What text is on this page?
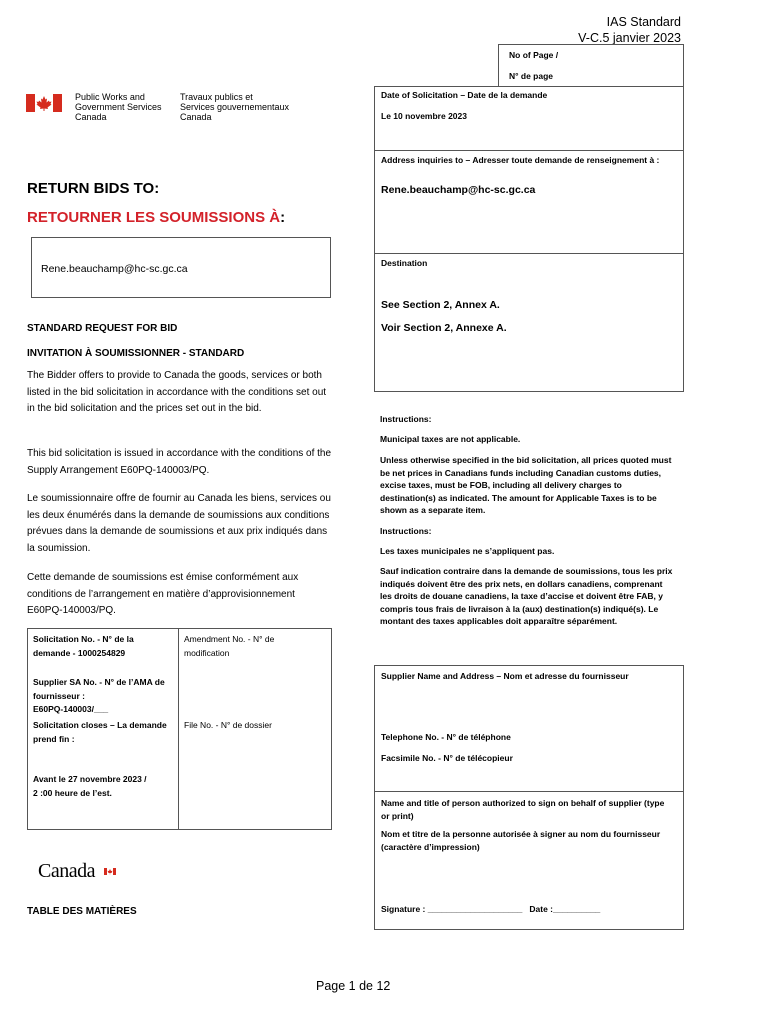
IAS Standard
V-C.5 janvier 2023
No of Page /
N° de page
Public Works and
Government Services
Canada
Travaux publics et
Services gouvernementaux
Canada
Date of Solicitation – Date de la demande
Le 10 novembre 2023
Address inquiries to – Adresser toute demande de renseignement à :
Rene.beauchamp@hc-sc.gc.ca
Destination
See Section 2, Annex A.
Voir Section 2, Annexe A.
Instructions:
Municipal taxes are not applicable.
Unless otherwise specified in the bid solicitation, all prices quoted must be net prices in Canadians funds including Canadian customs duties, excise taxes, must be FOB, including all delivery charges to destination(s) as indicated. The amount for Applicable Taxes is to be shown as a separate item.
Instructions:
Les taxes municipales ne s’appliquent pas.
Sauf indication contraire dans la demande de soumissions, tous les prix indiqués doivent être des prix nets, en dollars canadiens, comprenant les droits de douane canadiens, la taxe d’accise et doivent être FAB, y compris tous frais de livraison à la (aux) destination(s) indiqué(s). Le montant des taxes applicables doit apparaître séparément.
Supplier Name and Address – Nom et adresse du fournisseur
Telephone No. - N° de téléphone
Facsimile No. - N° de télécopieur
Name and title of person authorized to sign on behalf of supplier (type or print)
Nom et titre de la personne autorisée à signer au nom du fournisseur (caractère d’impression)
Signature : ____________________   Date :__________
RETURN BIDS TO:
RETOURNER LES SOUMISSIONS À:
Rene.beauchamp@hc-sc.gc.ca
STANDARD REQUEST FOR BID
INVITATION À SOUMISSIONNER - STANDARD
The Bidder offers to provide to Canada the goods, services or both listed in the bid solicitation in accordance with the conditions set out in the bid solicitation and the prices set out in the bid.
This bid solicitation is issued in accordance with the conditions of the Supply Arrangement E60PQ-140003/PQ.
Le soumissionnaire offre de fournir au Canada les biens, services ou les deux énumérés dans la demande de soumissions aux conditions prévues dans la demande de soumissions et aux prix indiqués dans la soumission.
Cette demande de soumissions est émise conformément aux conditions de l’arrangement en matière d’approvisionnement E60PQ-140003/PQ.
Solicitation No. - N° de la demande - 1000254829
Amendment No. - N° de modification
Supplier SA No. - N° de l’AMA de fournisseur :
E60PQ-140003/___
Solicitation closes – La demande prend fin :
File No. - N° de dossier
Avant le 27 novembre 2023 /
2 :00 heure de l’est.
Canada
TABLE DES MATIÈRES
Page 1 de 12
